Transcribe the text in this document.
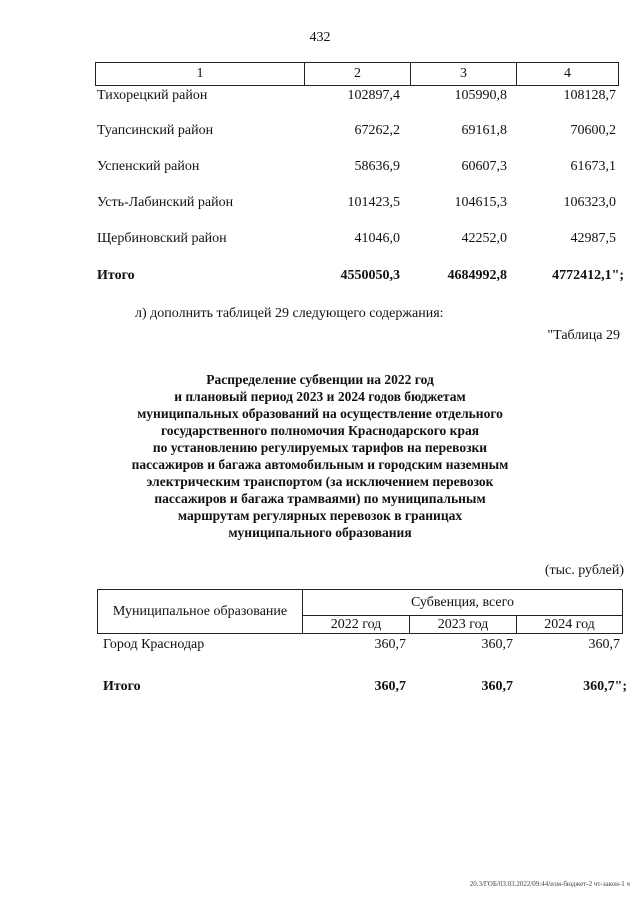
432
1	2	3	4
Тихорецкий район	102897,4	105990,8	108128,7
Туапсинский район	67262,2	69161,8	70600,2
Успенский район	58636,9	60607,3	61673,1
Усть-Лабинский район	101423,5	104615,3	106323,0
Щербиновский район	41046,0	42252,0	42987,5
Итого	4550050,3	4684992,8	4772412,1";
л) дополнить таблицей 29 следующего содержания:
"Таблица 29
Распределение субвенции на 2022 год
и плановый период 2023 и 2024 годов бюджетам
муниципальных образований на осуществление отдельного
государственного полномочия Краснодарского края
по установлению регулируемых тарифов на перевозки
пассажиров и багажа автомобильным и городским наземным
электрическим транспортом (за исключением перевозок
пассажиров и багажа трамваями) по муниципальным
маршрутам регулярных перевозок в границах
муниципального образования
(тыс. рублей)
Муниципальное образование
Субвенция, всего
2022 год	2023 год	2024 год
Город Краснодар	360,7	360,7	360,7
Итого	360,7	360,7	360,7";
20.3/ГОБ/03.03.2022/09:44/изм-бюджет-2 чт-закон-1 ч
